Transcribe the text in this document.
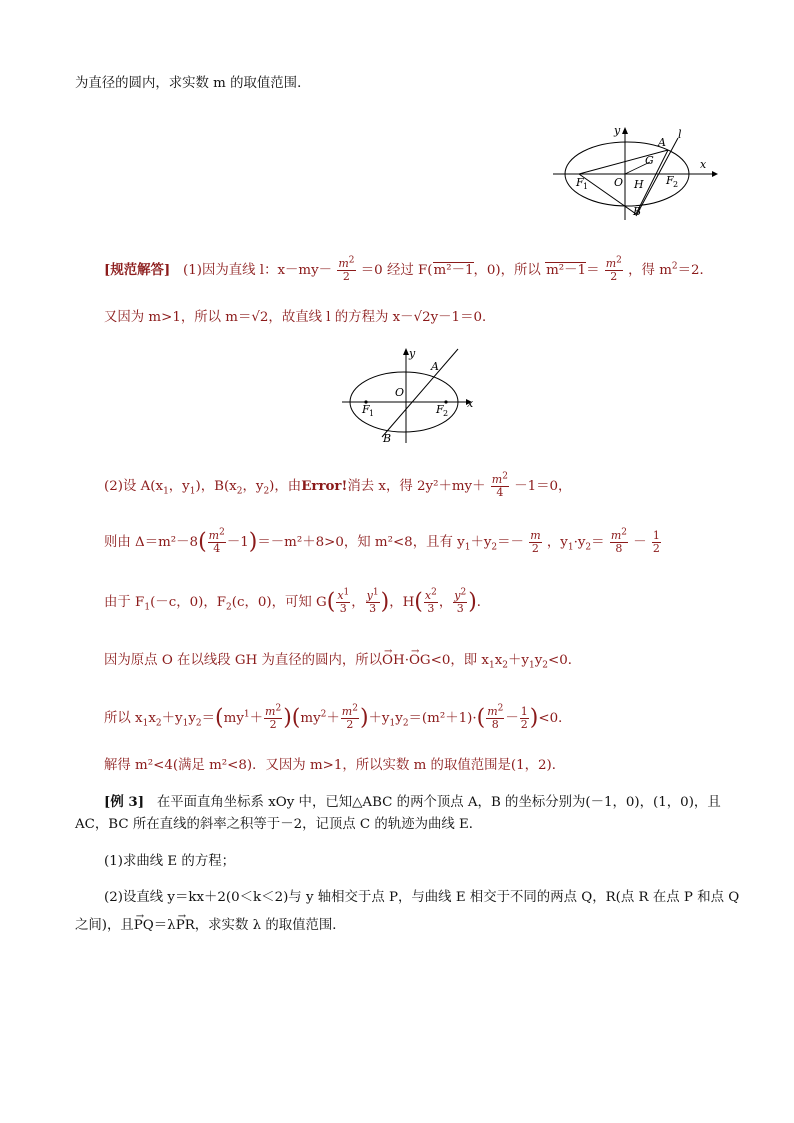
为直径的圆内，求实数 m 的取值范围．
y	l
A
G	x
F 1 O H F 2
B
[规范解答] (1)因为直线 l：$x-my- \frac{m^2}{2} =0$ 经过 F(m²－1，0)，所以 $m^2-1= \frac{m^2}{2}$ ，得 $m^2=2$．
又因为 m>1，所以 m＝√2，故直线 l 的方程为 x－√2y－1＝0．
y
A
O
F 1	F 2
x
B
(2)设 $A(x_1$，$y_1$)，$B(x_2$，$y_2$)，由Error!消去 x，得 $2y^2+my+ \frac{m^2}{4} -1=0$，
则由 $\Delta=m^2-8( \frac{m^2}{4} -1)=-m^2+8>0$，知 m²<8，且有 $y_1+y_2=- \frac{m}{2}$ ，$y_1\cdot y_2= \frac{m^2}{8} - \frac{1}{2}$
由于 $F_1(-c$，0)，$F_2(c$，0)，可知 $G( \frac{x^1}{3}$ ， $\frac{y^1}{3}$ )，$H( \frac{x^2}{3}$ ， $\frac{y^2}{3}$ )．
因为原点 O 在以线段 GH 为直径的圆内，所以→ OH·→ OG<0，即 $x_1x_2+y_1y_2<0$．
所以 $x_1x_2+y_1y_2=(my^1+ \frac{m^2}{2} )(my^2+ \frac{m^2}{2} )+y_1y_2=(m^2+1)\cdot( \frac{m^2}{8} - \frac{1}{2} )<0$．
解得 m²<4(满足 m²<8)．又因为 m>1，所以实数 m 的取值范围是(1，2)．
[例 3] 在平面直角坐标系 xOy 中，已知△ABC 的两个顶点 A，B 的坐标分别为(－1，0)，(1，0)，且
AC，BC 所在直线的斜率之积等于－2，记顶点 C 的轨迹为曲线 E．
(1)求曲线 E 的方程；
(2)设直线 y＝kx＋2(0＜k＜2)与 y 轴相交于点 P，与曲线 E 相交于不同的两点 Q，R(点 R 在点 P 和点 Q
之间)，且→ PQ＝λ→ PR，求实数 λ 的取值范围．
